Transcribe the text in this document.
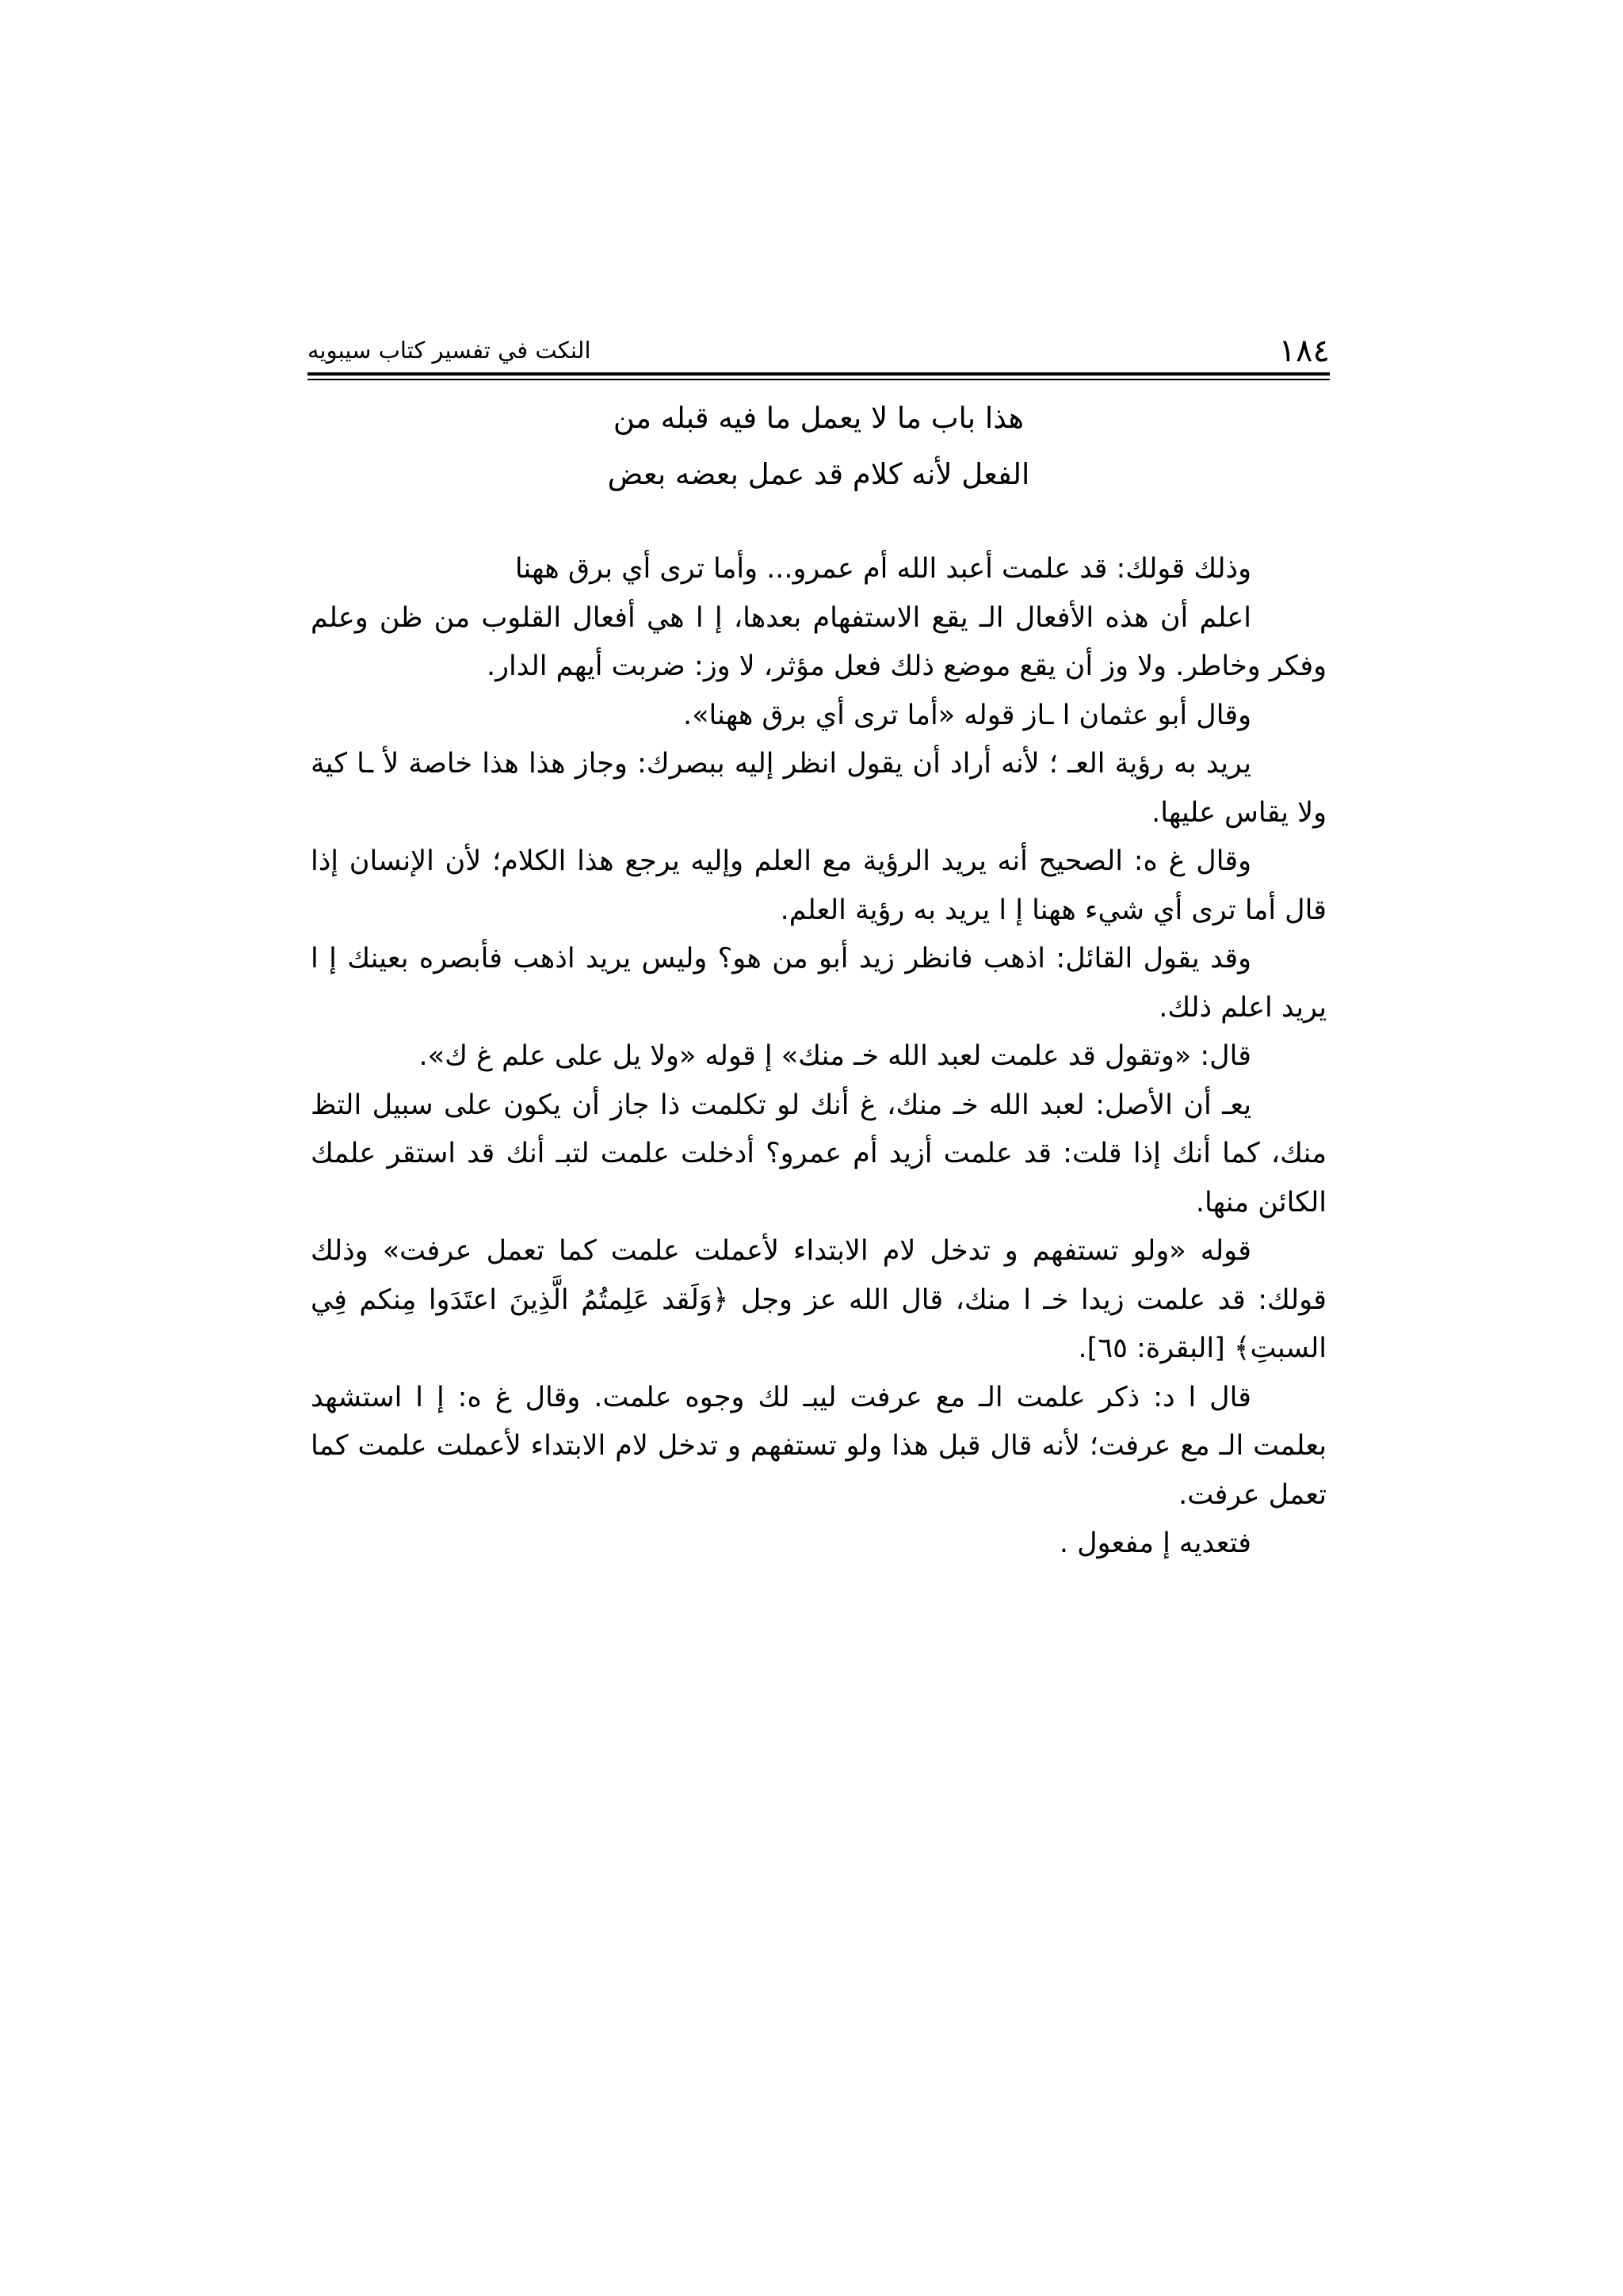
١٨٤
النكت في تفسير كتاب سيبويه
هذا باب ما لا يعمل ما فيه قبله من
الفعل لأنه كلام قد عمل بعضه بعض

وذلك قولك: قد علمت أعبد الله أم عمرو... وأما ترى أي برق ههنا

اعلم أن هذه الأفعال الـ يقع الاستفهام بعدها، إ ا هي أفعال القلوب من ظن وعلم وفكر وخاطر. ولا وز أن يقع موضع ذلك فعل مؤثر، لا وز: ضربت أيهم الدار.

وقال أبو عثمان ا ـاز قوله «أما ترى أي برق ههنا».

يريد به رؤية العـ ؛ لأنه أراد أن يقول انظر إليه ببصرك: وجاز هذا هذا خاصة لأ ـا كية ولا يقاس عليها.

وقال غ ه: الصحيح أنه يريد الرؤية مع العلم وإليه يرجع هذا الكلام؛ لأن الإنسان إذا قال أما ترى أي شيء ههنا إ ا يريد به رؤية العلم.

وقد يقول القائل: اذهب فانظر زيد أبو من هو؟ وليس يريد اذهب فأبصره بعينك إ ا يريد اعلم ذلك.

قال: «وتقول قد علمت لعبد الله خـ منك» إ قوله «ولا يل على علم غ ك».

يعـ أن الأصل: لعبد الله خـ منك، غ أنك لو تكلمت ذا جاز أن يكون على سبيل التظ منك، كما أنك إذا قلت: قد علمت أزيد أم عمرو؟ أدخلت علمت لتبـ أنك قد استقر علمك الكائن منها.

قوله «ولو تستفهم و تدخل لام الابتداء لأعملت علمت كما تعمل عرفت» وذلك قولك: قد علمت زيدا خـ ا منك، قال الله عز وجل ﴿وَلَقد عَلِمتُمُ الَّذِينَ اعتَدَوا مِنكم فِي السبتِ﴾ [البقرة: ٦٥].

قال ا د: ذكر علمت الـ مع عرفت ليبـ لك وجوه علمت. وقال غ ه: إ ا استشهد بعلمت الـ مع عرفت؛ لأنه قال قبل هذا ولو تستفهم و تدخل لام الابتداء لأعملت علمت كما تعمل عرفت.

فتعديه إ مفعول .
